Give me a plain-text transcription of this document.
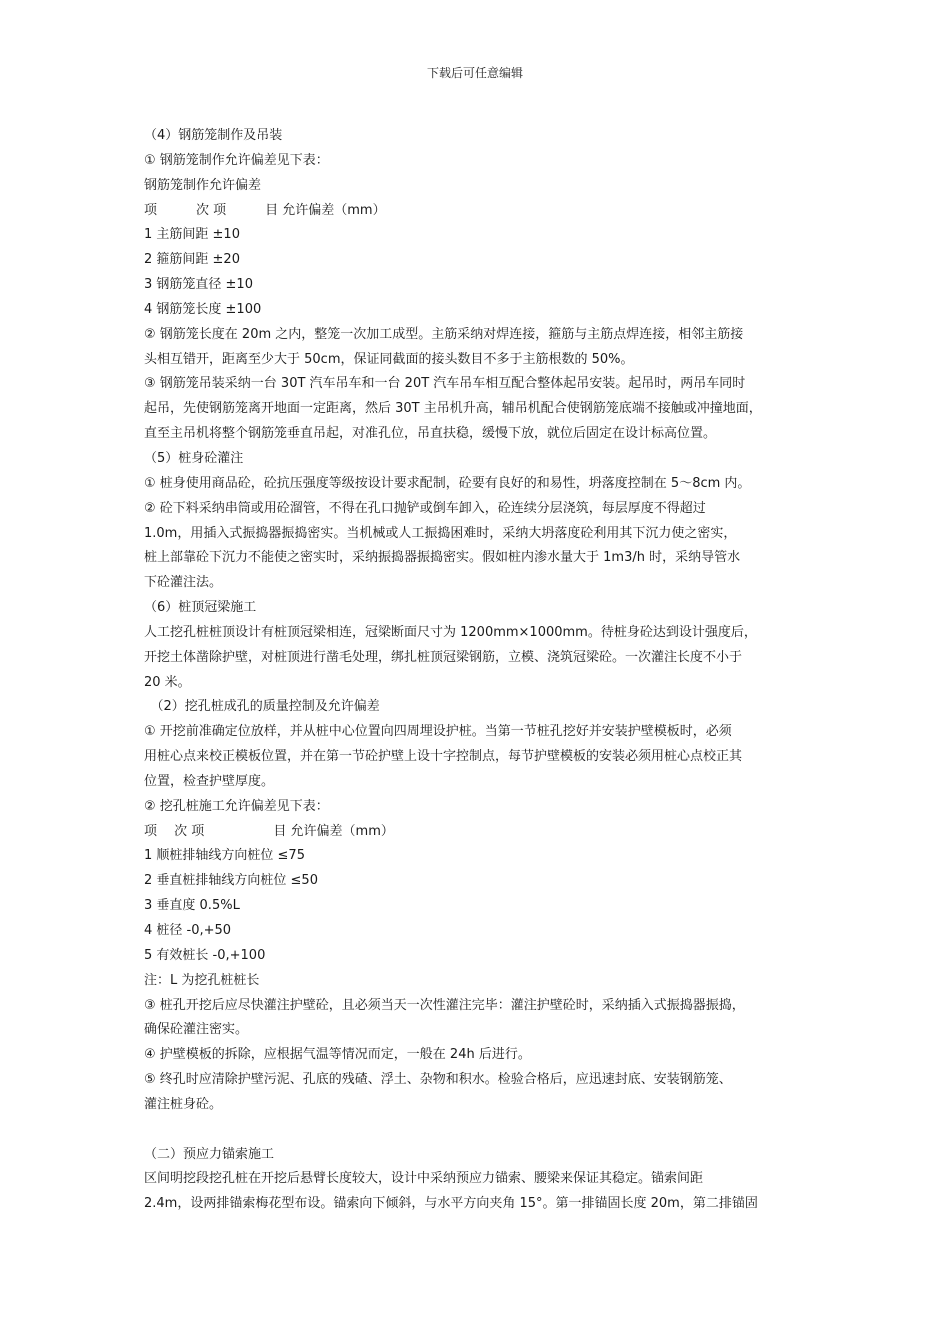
下载后可任意编辑
（4）钢筋笼制作及吊装
① 钢筋笼制作允许偏差见下表：
钢筋笼制作允许偏差
项　　　次 项　　　目 允许偏差（mm）
1 主筋间距 ±10
2 箍筋间距 ±20
3 钢筋笼直径 ±10
4 钢筋笼长度 ±100
② 钢筋笼长度在 20m 之内，整笼一次加工成型。主筋采纳对焊连接，箍筋与主筋点焊连接，相邻主筋接
头相互错开，距离至少大于 50cm，保证同截面的接头数目不多于主筋根数的 50%。
③ 钢筋笼吊装采纳一台 30T 汽车吊车和一台 20T 汽车吊车相互配合整体起吊安装。起吊时，两吊车同时
起吊，先使钢筋笼离开地面一定距离，然后 30T 主吊机升高，辅吊机配合使钢筋笼底端不接触或冲撞地面，
直至主吊机将整个钢筋笼垂直吊起，对准孔位，吊直扶稳，缓慢下放，就位后固定在设计标高位置。
（5）桩身砼灌注
① 桩身使用商品砼，砼抗压强度等级按设计要求配制，砼要有良好的和易性，坍落度控制在 5～8cm 内。
② 砼下料采纳串筒或用砼溜管，不得在孔口抛铲或倒车卸入，砼连续分层浇筑，每层厚度不得超过
1.0m，用插入式振捣器振捣密实。当机械或人工振捣困难时，采纳大坍落度砼利用其下沉力使之密实，
桩上部靠砼下沉力不能使之密实时，采纳振捣器振捣密实。假如桩内渗水量大于 1m3/h 时，采纳导管水
下砼灌注法。
（6）桩顶冠梁施工
人工挖孔桩桩顶设计有桩顶冠梁相连，冠梁断面尺寸为 1200mm×1000mm。待桩身砼达到设计强度后，
开挖土体凿除护壁，对桩顶进行凿毛处理，绑扎桩顶冠梁钢筋，立模、浇筑冠梁砼。一次灌注长度不小于
20 米。
　（2）挖孔桩成孔的质量控制及允许偏差
① 开挖前准确定位放样，并从桩中心位置向四周埋设护桩。当第一节桩孔挖好并安装护壁模板时，必须
用桩心点来校正模板位置，并在第一节砼护壁上设十字控制点，每节护壁模板的安装必须用桩心点校正其
位置，检查护壁厚度。
② 挖孔桩施工允许偏差见下表：
项　 次 项　　　　　 目 允许偏差（mm）
1 顺桩排轴线方向桩位 ≤75
2 垂直桩排轴线方向桩位 ≤50
3 垂直度 0.5%L
4 桩径 -0,+50
5 有效桩长 -0,+100
注：L 为挖孔桩桩长
③ 桩孔开挖后应尽快灌注护壁砼，且必须当天一次性灌注完毕：灌注护壁砼时，采纳插入式振捣器振捣，
确保砼灌注密实。
④ 护壁模板的拆除，应根据气温等情况而定，一般在 24h 后进行。
⑤ 终孔时应清除护壁污泥、孔底的残碴、浮土、杂物和积水。检验合格后，应迅速封底、安装钢筋笼、
灌注桩身砼。
（二）预应力锚索施工
区间明挖段挖孔桩在开挖后悬臂长度较大，设计中采纳预应力锚索、腰梁来保证其稳定。锚索间距
2.4m，设两排锚索梅花型布设。锚索向下倾斜，与水平方向夹角 15°。第一排锚固长度 20m，第二排锚固
